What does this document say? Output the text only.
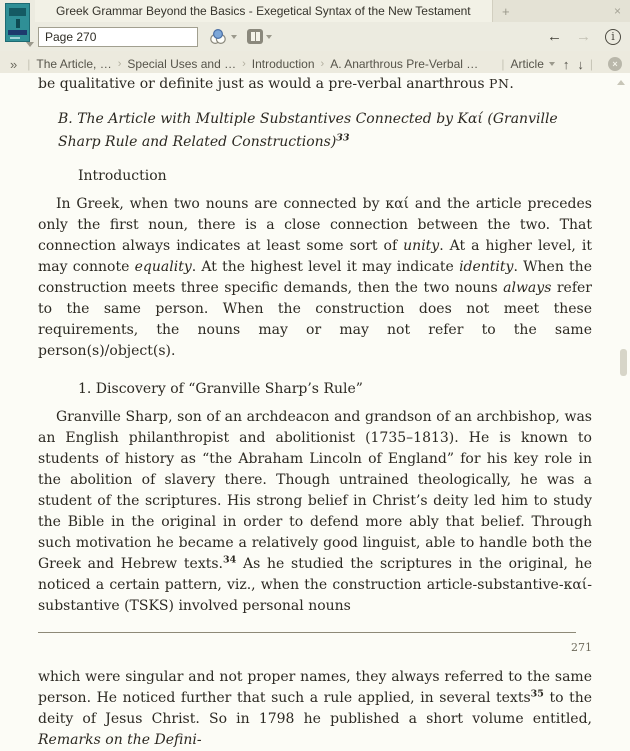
Greek Grammar Beyond the Basics - Exegetical Syntax of the New Testament +	×
Page 270
← →	i
» | The Article, … › Special Uses and … › Introduction › A. Anarthrous Pre-Verbal … | Article ↑ ↓ |	×
be qualitative or definite just as would a pre-verbal anarthrous PN.
B. The Article with Multiple Substantives Connected by Καί (Granville Sharp Rule and Related Constructions)$^{33}$
Introduction
In Greek, when two nouns are connected by καί and the article precedes only the first noun, there is a close connection between the two. That connection always indicates at least some sort of unity. At a higher level, it may connote equality. At the highest level it may indicate identity. When the construction meets three specific demands, then the two nouns always refer to the same person. When the construction does not meet these requirements, the nouns may or may not refer to the same person(s)/object(s).
1. Discovery of “Granville Sharp’s Rule”
Granville Sharp, son of an archdeacon and grandson of an archbishop, was an English philanthropist and abolitionist (1735–1813). He is known to students of history as “the Abraham Lincoln of England” for his key role in the abolition of slavery there. Though untrained theologically, he was a student of the scriptures. His strong belief in Christ’s deity led him to study the Bible in the original in order to defend more ably that belief. Through such motivation he became a relatively good linguist, able to handle both the Greek and Hebrew texts.$^{34}$ As he studied the scriptures in the original, he noticed a certain pattern, viz., when the construction article-substantive-καί-substantive (TSKS) involved personal nouns
271
which were singular and not proper names, they always referred to the same person. He noticed further that such a rule applied, in several texts$^{35}$ to the deity of Jesus Christ. So in 1798 he published a short volume entitled, Remarks on the Defini-
